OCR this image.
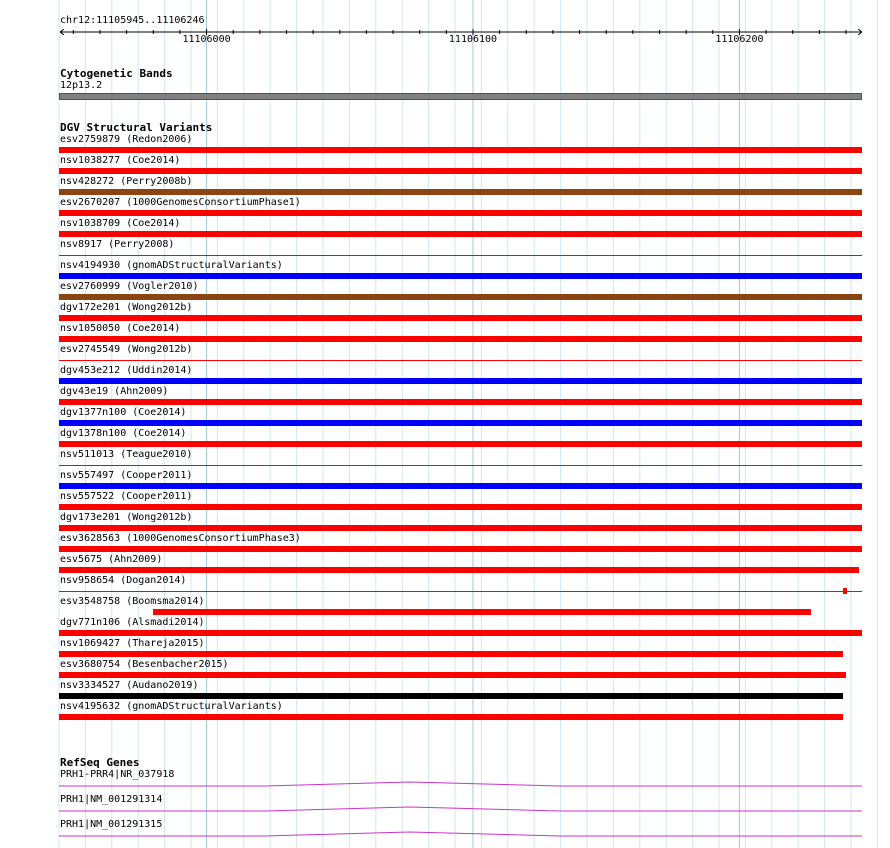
chr12:11105945..11106246
11106000	11106100	11106200
Cytogenetic Bands
12p13.2
DGV Structural Variants
esv2759879 (Redon2006)
nsv1038277 (Coe2014)
nsv428272 (Perry2008b)
esv2670207 (1000GenomesConsortiumPhase1)
nsv1038709 (Coe2014)
nsv8917 (Perry2008)
nsv4194930 (gnomADStructuralVariants)
esv2760999 (Vogler2010)
dgv172e201 (Wong2012b)
nsv1050050 (Coe2014)
esv2745549 (Wong2012b)
dgv453e212 (Uddin2014)
dgv43e19 (Ahn2009)
dgv1377n100 (Coe2014)
dgv1378n100 (Coe2014)
nsv511013 (Teague2010)
nsv557497 (Cooper2011)
nsv557522 (Cooper2011)
dgv173e201 (Wong2012b)
esv3628563 (1000GenomesConsortiumPhase3)
esv5675 (Ahn2009)
nsv958654 (Dogan2014)
esv3548758 (Boomsma2014)
dgv771n106 (Alsmadi2014)
nsv1069427 (Thareja2015)
esv3680754 (Besenbacher2015)
nsv3334527 (Audano2019)
nsv4195632 (gnomADStructuralVariants)
RefSeq Genes
PRH1-PRR4|NR_037918
PRH1|NM_001291314
PRH1|NM_001291315
